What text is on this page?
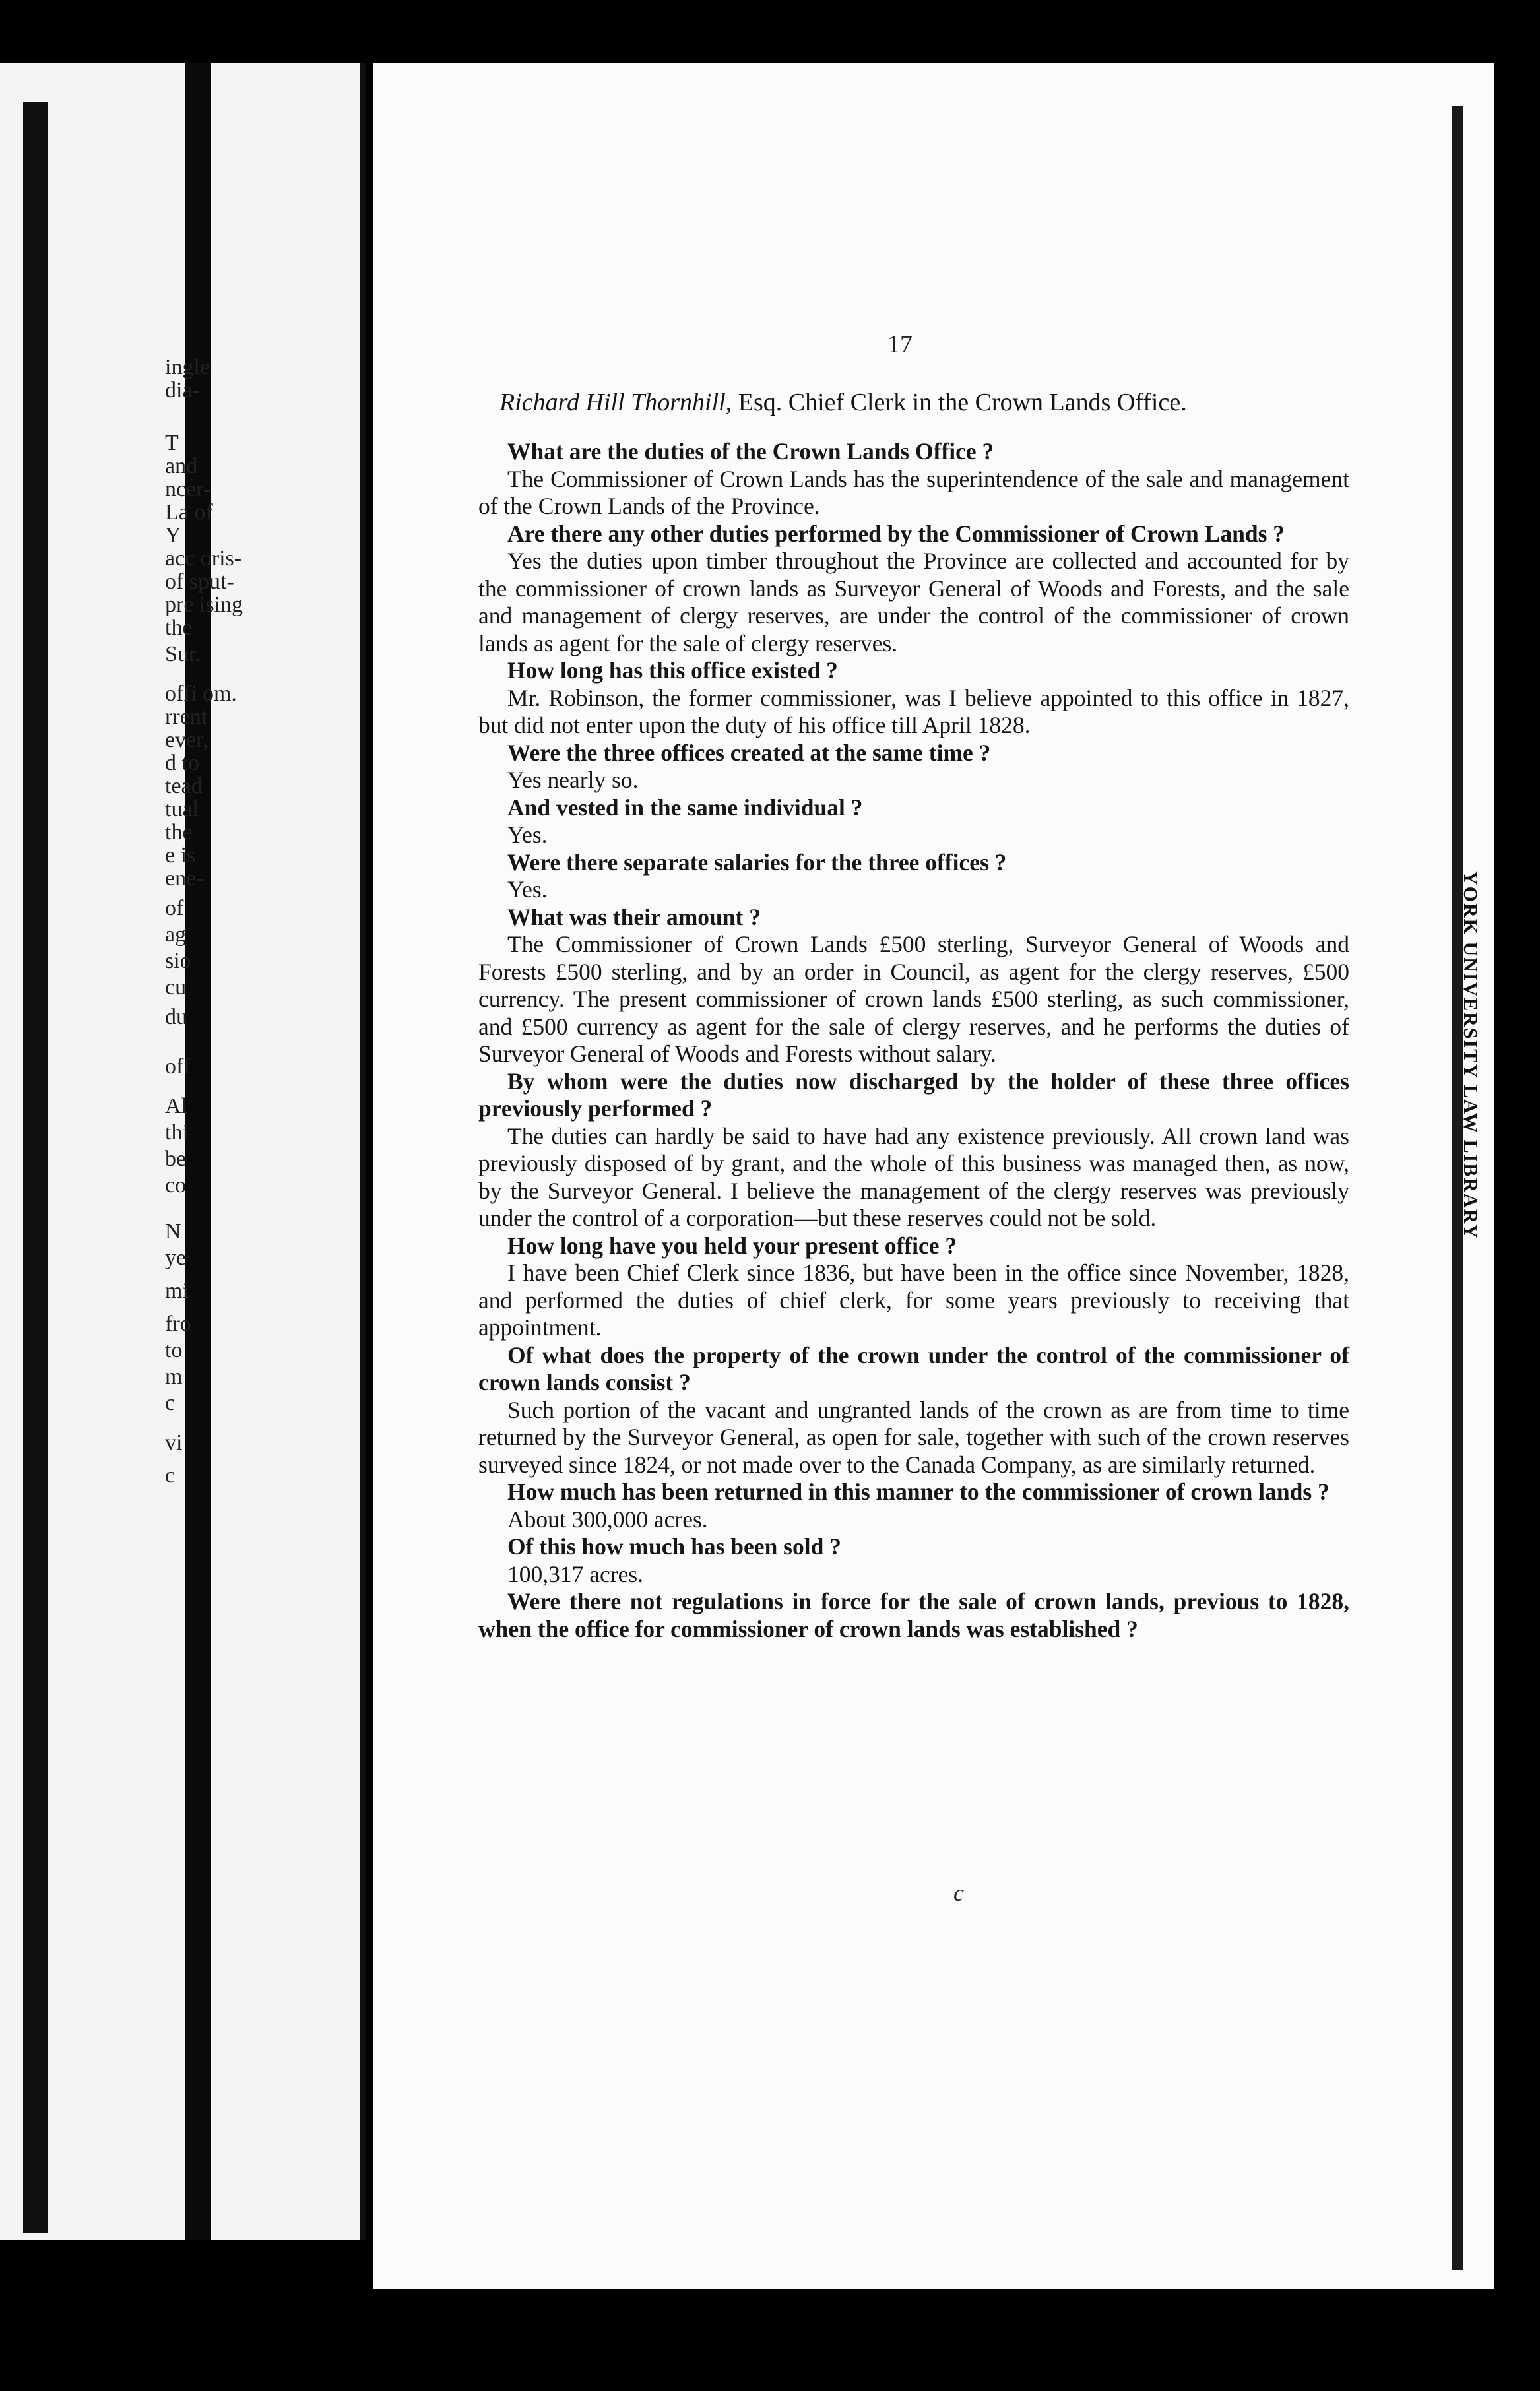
ingle
dia-
T
and
ncer-
La of
Y
acc oris-
of sput-
pre ising
the
Sur.
offi om.
rrent
ever,
d to
tead
tual
the
e is
ene-
of
ag
sio
cu
du
off
Al
thi
be
co
N
ye
mi
fro
to
m
c
vi
c
YORK UNIVERSITY LAW LIBRARY
17
Richard Hill Thornhill, Esq. Chief Clerk in the Crown Lands Office.

What are the duties of the Crown Lands Office ?

The Commissioner of Crown Lands has the superintendence of the sale and management of the Crown Lands of the Province.

Are there any other duties performed by the Commissioner of Crown Lands ?

Yes the duties upon timber throughout the Province are collected and accounted for by the commissioner of crown lands as Surveyor General of Woods and Forests, and the sale and management of clergy reserves, are under the control of the commissioner of crown lands as agent for the sale of clergy reserves.

How long has this office existed ?

Mr. Robinson, the former commissioner, was I believe appointed to this office in 1827, but did not enter upon the duty of his office till April 1828.

Were the three offices created at the same time ?

Yes nearly so.

And vested in the same individual ?

Yes.

Were there separate salaries for the three offices ?

Yes.

What was their amount ?

The Commissioner of Crown Lands £500 sterling, Surveyor General of Woods and Forests £500 sterling, and by an order in Council, as agent for the clergy reserves, £500 currency. The present commissioner of crown lands £500 sterling, as such commissioner, and £500 currency as agent for the sale of clergy reserves, and he performs the duties of Surveyor General of Woods and Forests without salary.

By whom were the duties now discharged by the holder of these three offices previously performed ?

The duties can hardly be said to have had any existence previously. All crown land was previously disposed of by grant, and the whole of this business was managed then, as now, by the Surveyor General. I believe the management of the clergy reserves was previously under the control of a corporation—but these reserves could not be sold.

How long have you held your present office ?

I have been Chief Clerk since 1836, but have been in the office since November, 1828, and performed the duties of chief clerk, for some years previously to receiving that appointment.

Of what does the property of the crown under the control of the commissioner of crown lands consist ?

Such portion of the vacant and ungranted lands of the crown as are from time to time returned by the Surveyor General, as open for sale, together with such of the crown reserves surveyed since 1824, or not made over to the Canada Company, as are similarly returned.

How much has been returned in this manner to the commissioner of crown lands ?

About 300,000 acres.

Of this how much has been sold ?

100,317 acres.

Were there not regulations in force for the sale of crown lands, previous to 1828, when the office for commissioner of crown lands was established ?

c
